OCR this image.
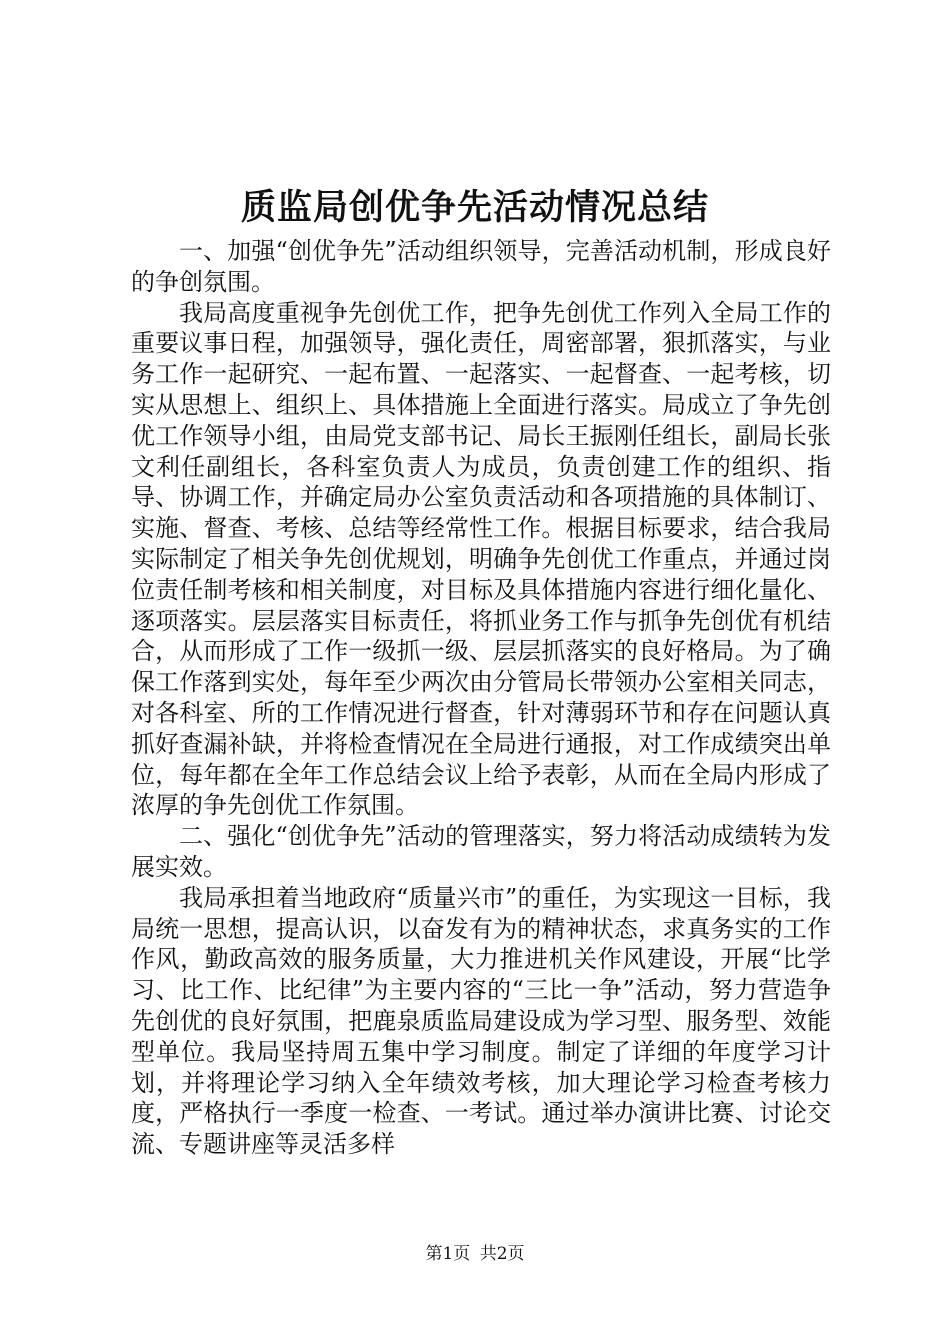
质监局创优争先活动情况总结

一、加强“创优争先”活动组织领导，完善活动机制，形成良好的争创氛围。

我局高度重视争先创优工作，把争先创优工作列入全局工作的重要议事日程，加强领导，强化责任，周密部署，狠抓落实，与业务工作一起研究、一起布置、一起落实、一起督查、一起考核，切实从思想上、组织上、具体措施上全面进行落实。局成立了争先创优工作领导小组，由局党支部书记、局长王振刚任组长，副局长张文利任副组长，各科室负责人为成员，负责创建工作的组织、指导、协调工作，并确定局办公室负责活动和各项措施的具体制订、实施、督查、考核、总结等经常性工作。根据目标要求，结合我局实际制定了相关争先创优规划，明确争先创优工作重点，并通过岗位责任制考核和相关制度，对目标及具体措施内容进行细化量化、逐项落实。层层落实目标责任，将抓业务工作与抓争先创优有机结合，从而形成了工作一级抓一级、层层抓落实的良好格局。为了确保工作落到实处，每年至少两次由分管局长带领办公室相关同志，对各科室、所的工作情况进行督查，针对薄弱环节和存在问题认真抓好查漏补缺，并将检查情况在全局进行通报，对工作成绩突出单位，每年都在全年工作总结会议上给予表彰，从而在全局内形成了浓厚的争先创优工作氛围。

二、强化“创优争先”活动的管理落实，努力将活动成绩转为发展实效。

我局承担着当地政府“质量兴市”的重任，为实现这一目标，我局统一思想，提高认识，以奋发有为的精神状态，求真务实的工作作风，勤政高效的服务质量，大力推进机关作风建设，开展“比学习、比工作、比纪律”为主要内容的“三比一争”活动，努力营造争先创优的良好氛围，把鹿泉质监局建设成为学习型、服务型、效能型单位。我局坚持周五集中学习制度。制定了详细的年度学习计划，并将理论学习纳入全年绩效考核，加大理论学习检查考核力度，严格执行一季度一检查、一考试。通过举办演讲比赛、讨论交流、专题讲座等灵活多样

第1页 共2页
